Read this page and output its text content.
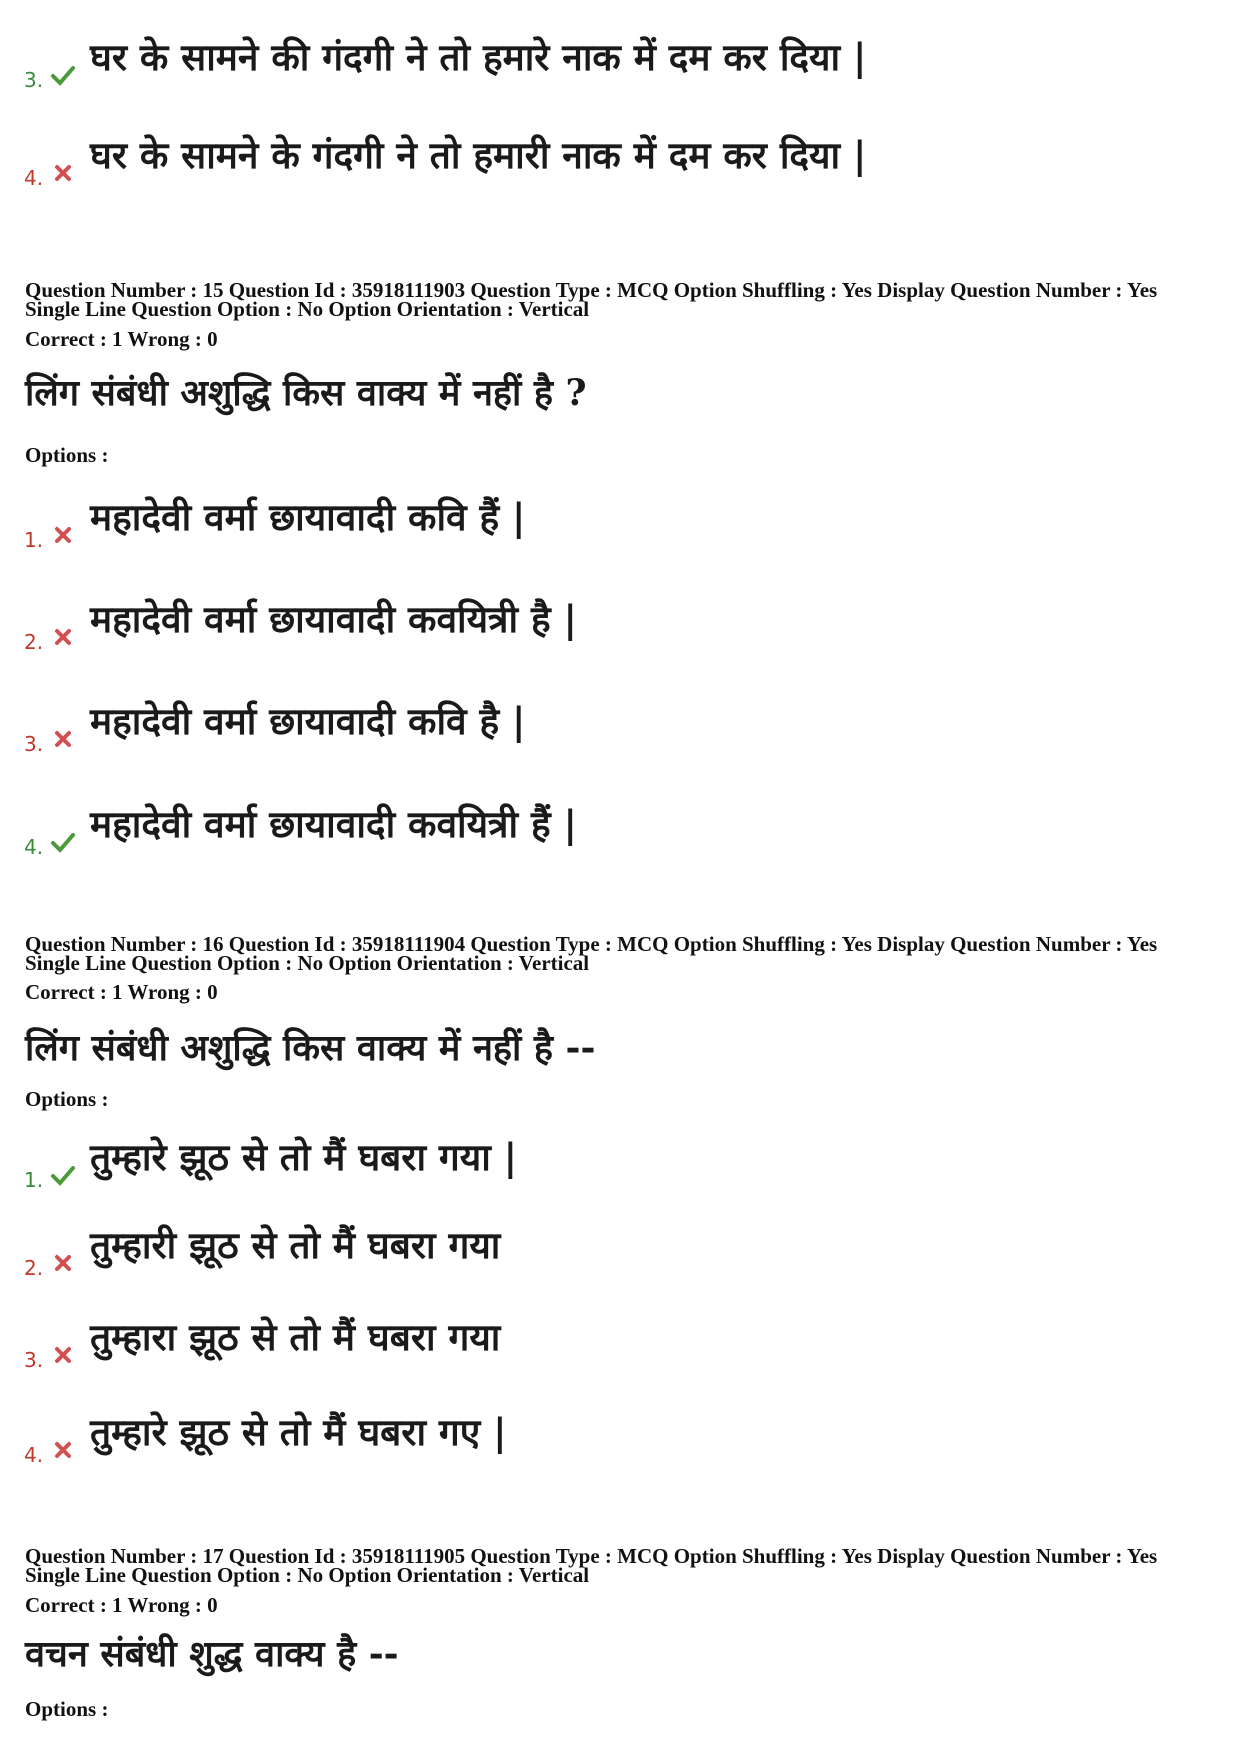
3.
घर के सामने की गंदगी ने तो हमारे नाक में दम कर दिया |
4.
घर के सामने के गंदगी ने तो हमारी नाक में दम कर दिया |
Question Number : 15 Question Id : 35918111903 Question Type : MCQ Option Shuffling : Yes Display Question Number : Yes
Single Line Question Option : No Option Orientation : Vertical
Correct : 1 Wrong : 0
लिंग संबंधी अशुद्धि किस वाक्य में नहीं है ?
Options :
1.
महादेवी वर्मा छायावादी कवि हैं |
2.
महादेवी वर्मा छायावादी कवयित्री है |
3.
महादेवी वर्मा छायावादी कवि है |
4.
महादेवी वर्मा छायावादी कवयित्री हैं |
Question Number : 16 Question Id : 35918111904 Question Type : MCQ Option Shuffling : Yes Display Question Number : Yes
Single Line Question Option : No Option Orientation : Vertical
Correct : 1 Wrong : 0
लिंग संबंधी अशुद्धि किस वाक्य में नहीं है --
Options :
1.
तुम्हारे झूठ से तो मैं घबरा गया |
2.
तुम्हारी झूठ से तो मैं घबरा गया
3.
तुम्हारा झूठ से तो मैं घबरा गया
4.
तुम्हारे झूठ से तो मैं घबरा गए |
Question Number : 17 Question Id : 35918111905 Question Type : MCQ Option Shuffling : Yes Display Question Number : Yes
Single Line Question Option : No Option Orientation : Vertical
Correct : 1 Wrong : 0
वचन संबंधी शुद्ध वाक्य है --
Options :
